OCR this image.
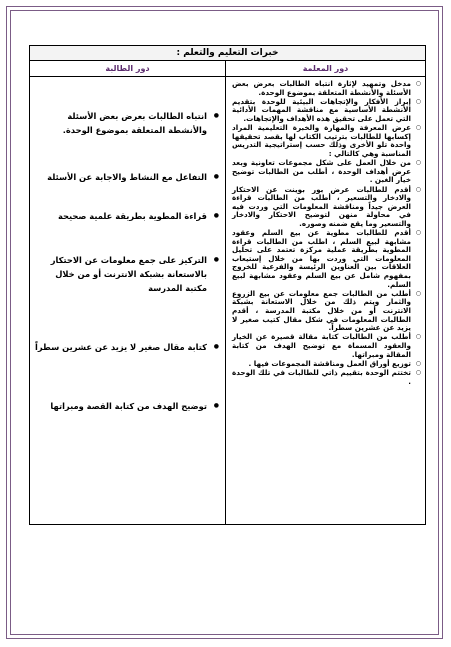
خبرات التعليم والتعلم :
دور المعلمة
دور الطالبة
○ مدخل وتمهيد لإثارة انتباه الطالبات بعرض بعض الأسئلة والأنشطة المتعلقة بموضوع الوحدة.
○ إبراز الأفكار والإتجاهات البيئية للوحدة بتقديم الأنشطة الأساسية مع مناقشة المهمات الأدائية التي تعمل على تحقيق هذه الأهداف والإتجاهات.
○ عرض المعرفة والمهارة والخبرة التعليمية المراد إكسابها للطالبات بترتيب الكتاب لها بقصد تحقيقها واحدة تلو الأخرى وذلك حسب إستراتيجية التدريس المناسبة وهي كالتالي :
○ من خلال العمل على شكل مجموعات تعاونية وبعد عرض أهداف الوحدة ، أطلب من الطالبات توضيح خيار الغبن .
○ أقدم للطالبات عرض بور بوينت عن الاحتكار والادخار والتسعير ، أطلب من الطالبات قراءة العرض جيداً ومناقشة المعلومات التي وردت فيه في محاولة منهن لتوضيح الاحتكار والادخار والتسعير وما يقع ضمنه وصوره.
○ أقدم للطالبات مطوية عن بيع السلم وعقود مشابهة لبيع السلم ، اطلب من الطالبات قراءة المطوية بطريقة عملية مركزة تعتمد على تحليل المعلومات التي وردت بها من خلال إستيعاب العلاقات بين العناوين الرئيسة والفرعية للخروج بمفهوم شامل عن بيع السلم وعقود مشابهة لبيع السلم.
○ أطلب من الطالبات جمع معلومات عن بيع الزروع والثمار ويتم ذلك من خلال الاستعانة بشبكة الانترنت أو من خلال مكتبة المدرسة ، أقدم الطالبات المعلومات في شكل مقال كتيب صغير لا يزيد عن عشرين سطراً.
○ أطلب من الطالبات كتابة مقالة قصيرة عن الخيار والعقود المسماة مع توضيح الهدف من كتابة المقالة ومبراتها.
○ توزيع أوراق العمل ومناقشة المجموعات فيها .
○ تختتم الوحدة بتقييم ذاتي للطالبات في تلك الوحدة .
● انتباه الطالبات بعرض بعض الأسئلة والأنشطة المتعلقة بموضوع الوحدة.
● التفاعل مع النشاط والاجابة عن الأسئلة
● قراءة المطوية بطريقة علمية صحيحة
● التركيز على جمع معلومات عن الاحتكار بالاستعانة بشبكة الانترنت أو من خلال مكتبة المدرسة
● كتابة مقال صغير لا يزيد عن عشرين سطراً
● توضيح الهدف من كتابة القصة ومبراتها
